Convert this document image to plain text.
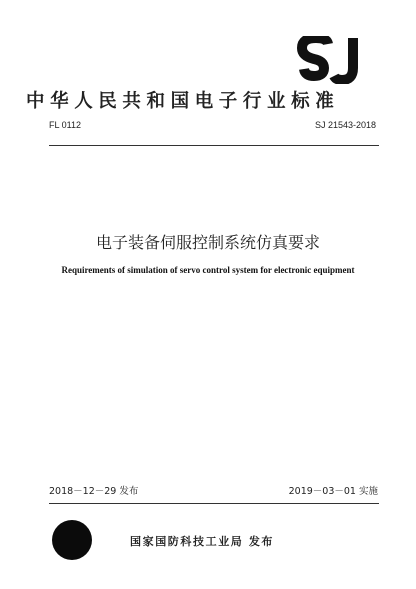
中华人民共和国电子行业标准
FL 0112	SJ 21543-2018
电子装备伺服控制系统仿真要求
Requirements of simulation of servo control system for electronic equipment
2018－12－29 发布	2019－03－01 实施
国家国防科技工业局 发布
